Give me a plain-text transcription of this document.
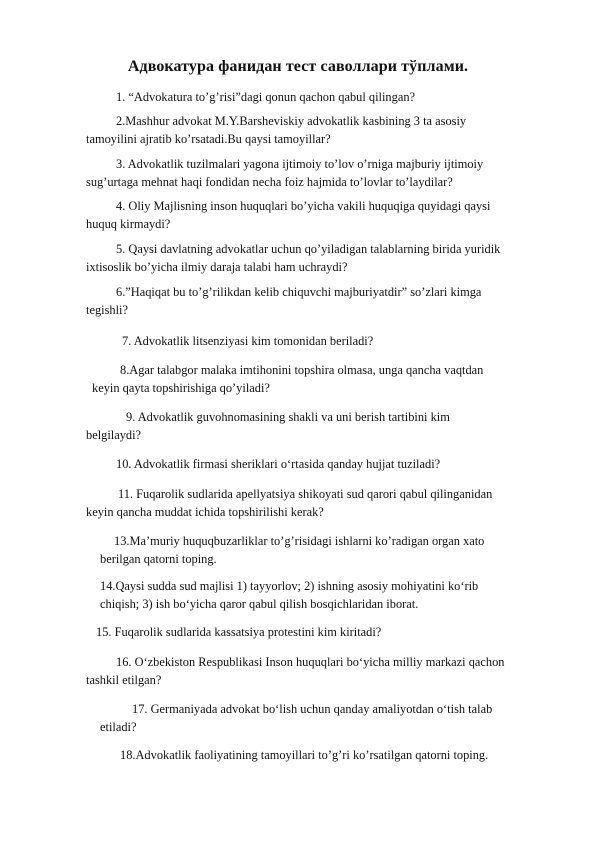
Адвокатура фанидан тест саволлари тўплами.
1. “Advokatura to’g’risi”dagi qonun qachon qabul qilingan?
2.Mashhur advokat M.Y.Barsheviskiy advokatlik kasbining 3 ta asosiy
tamoyilini ajratib ko’rsatadi.Bu qaysi tamoyillar?
3. Advokatlik tuzilmalari yagona ijtimoiy to’lov o’rniga majburiy ijtimoiy
sug’urtaga mehnat haqi fondidan necha foiz hajmida to’lovlar to’laydilar?
4. Oliy Majlisning inson huquqlari bo’yicha vakili huquqiga quyidagi qaysi
huquq kirmaydi?
5. Qaysi davlatning advokatlar uchun qo’yiladigan talablarning birida yuridik
ixtisoslik bo’yicha ilmiy daraja talabi ham uchraydi?
6.”Haqiqat bu to’g’rilikdan kelib chiquvchi majburiyatdir” so’zlari kimga
tegishli?
7. Advokatlik litsenziyasi kim tomonidan beriladi?
8.Agar talabgor malaka imtihonini topshira olmasa, unga qancha vaqtdan
keyin qayta topshirishiga qo’yiladi?
9. Advokatlik guvohnomasining shakli va uni berish tartibini kim
belgilaydi?
10. Advokatlik firmasi sheriklari o‘rtasida qanday hujjat tuziladi?
11. Fuqarolik sudlarida apellyatsiya shikoyati sud qarori qabul qilinganidan
keyin qancha muddat ichida topshirilishi kerak?
13.Ma’muriy huquqbuzarliklar to’g’risidagi ishlarni ko’radigan organ xato
berilgan qatorni toping.
14.Qaysi sudda sud majlisi 1) tayyorlov; 2) ishning asosiy mohiyatini ko‘rib
chiqish; 3) ish bo‘yicha qaror qabul qilish bosqichlaridan iborat.
15. Fuqarolik sudlarida kassatsiya protestini kim kiritadi?
16. O‘zbekiston Respublikasi Inson huquqlari bo‘yicha milliy markazi qachon
tashkil etilgan?
17. Germaniyada advokat bo‘lish uchun qanday amaliyotdan o‘tish talab
etiladi?
18.Advokatlik faoliyatining tamoyillari to’g’ri ko’rsatilgan qatorni toping.
